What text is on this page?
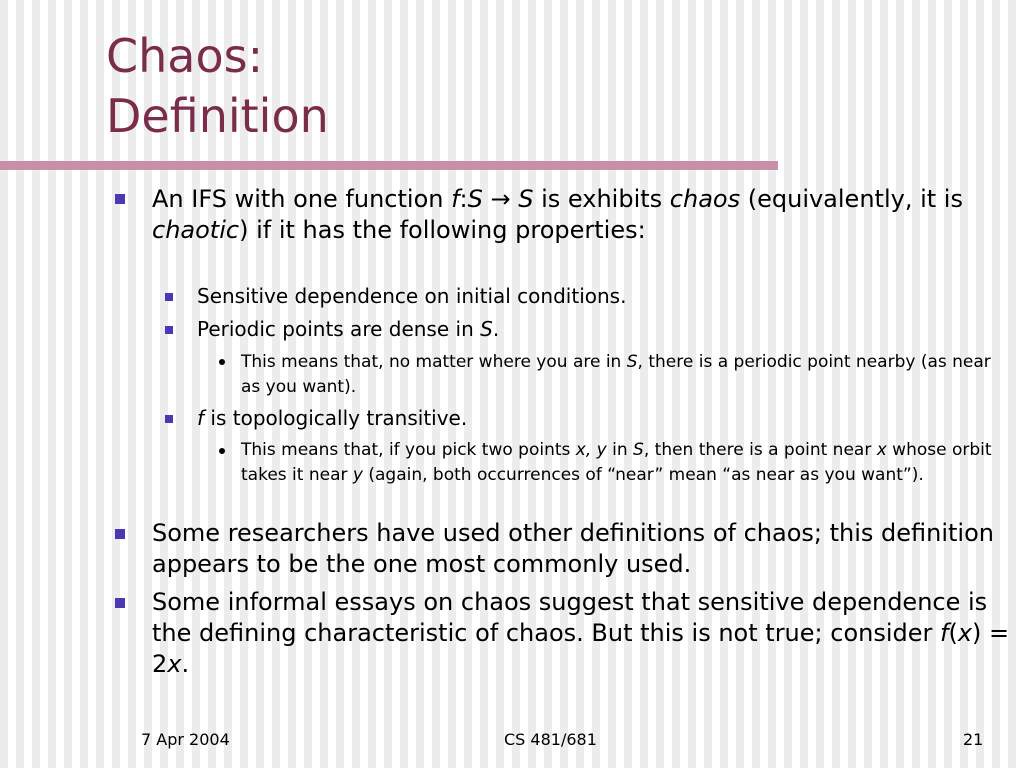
Chaos:
Definition

An IFS with one function f:S → S is exhibits chaos (equivalently, it is chaotic) if it has the following properties:

Sensitive dependence on initial conditions.

Periodic points are dense in S.

This means that, no matter where you are in S, there is a periodic point nearby (as near as you want).

f is topologically transitive.

This means that, if you pick two points x, y in S, then there is a point near x whose orbit takes it near y (again, both occurrences of “near” mean “as near as you want”).

Some researchers have used other definitions of chaos; this definition appears to be the one most commonly used.

Some informal essays on chaos suggest that sensitive dependence is the defining characteristic of chaos. But this is not true; consider f(x) = 2x.

7 Apr 2004	CS 481/681	21
